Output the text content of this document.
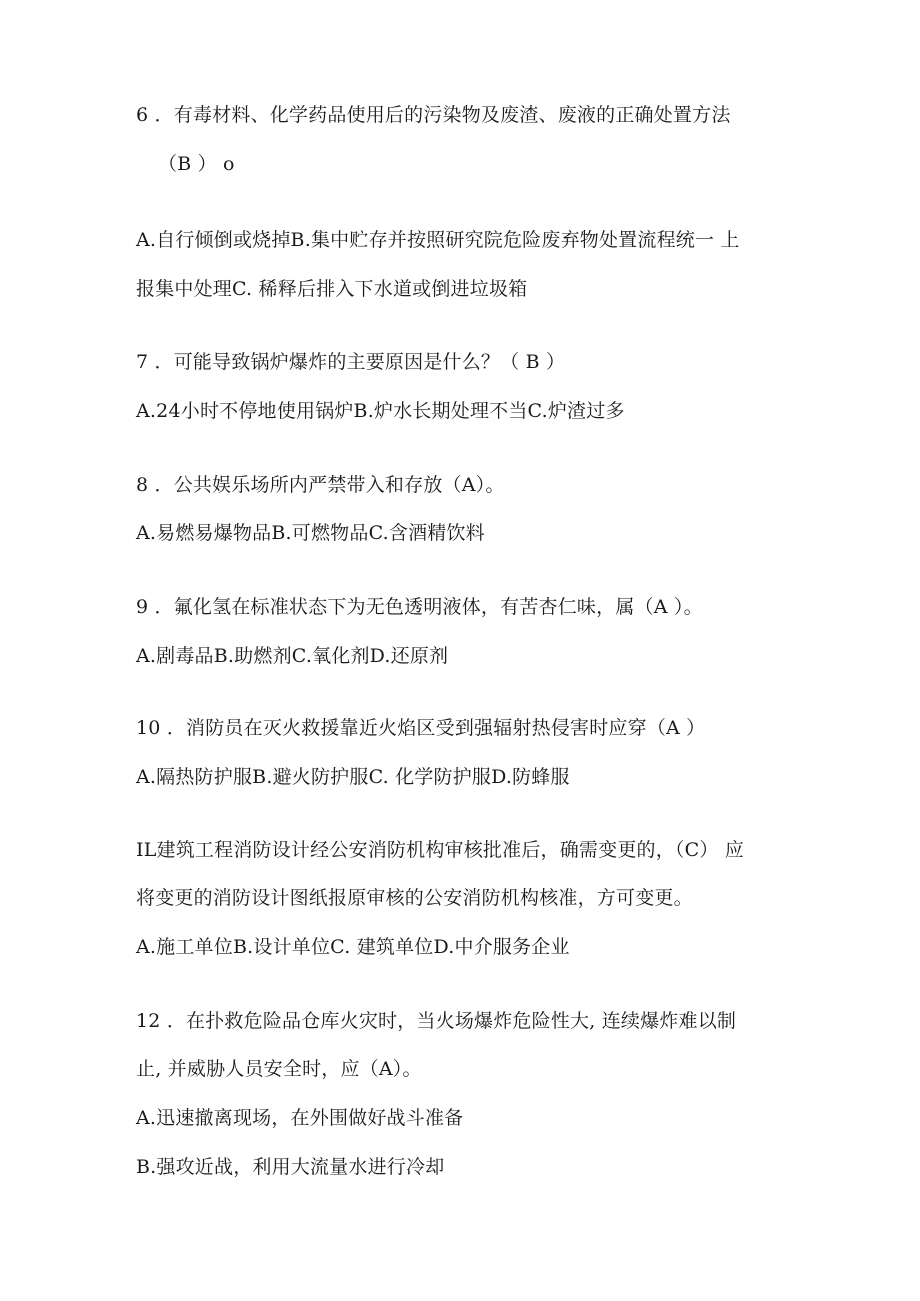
6 ．有毒材料、化学药品使用后的污染物及废渣、废液的正确处置方法
（B ） o
A.自行倾倒或烧掉B.集中贮存并按照研究院危险废弃物处置流程统一 上
报集中处理C. 稀释后排入下水道或倒进垃圾箱
7 ．可能导致锅炉爆炸的主要原因是什么？（ B ）
A.24小时不停地使用锅炉B.炉水长期处理不当C.炉渣过多
8 ．公共娱乐场所内严禁带入和存放（A）。
A.易燃易爆物品B.可燃物品C.含酒精饮料
9 ．氟化氢在标准状态下为无色透明液体，有苦杏仁味，属（A ）。
A.剧毒品B.助燃剂C.氧化剂D.还原剂
10 ．消防员在灭火救援靠近火焰区受到强辐射热侵害时应穿（A ）
A.隔热防护服B.避火防护服C. 化学防护服D.防蜂服
IL建筑工程消防设计经公安消防机构审核批准后，确需变更的，（C） 应
将变更的消防设计图纸报原审核的公安消防机构核准，方可变更。
A.施工单位B.设计单位C. 建筑单位D.中介服务企业
12 ．在扑救危险品仓库火灾时，当火场爆炸危险性大, 连续爆炸难以制
止, 并威胁人员安全时，应（A）。
A.迅速撤离现场，在外围做好战斗准备
B.强攻近战，利用大流量水进行冷却
